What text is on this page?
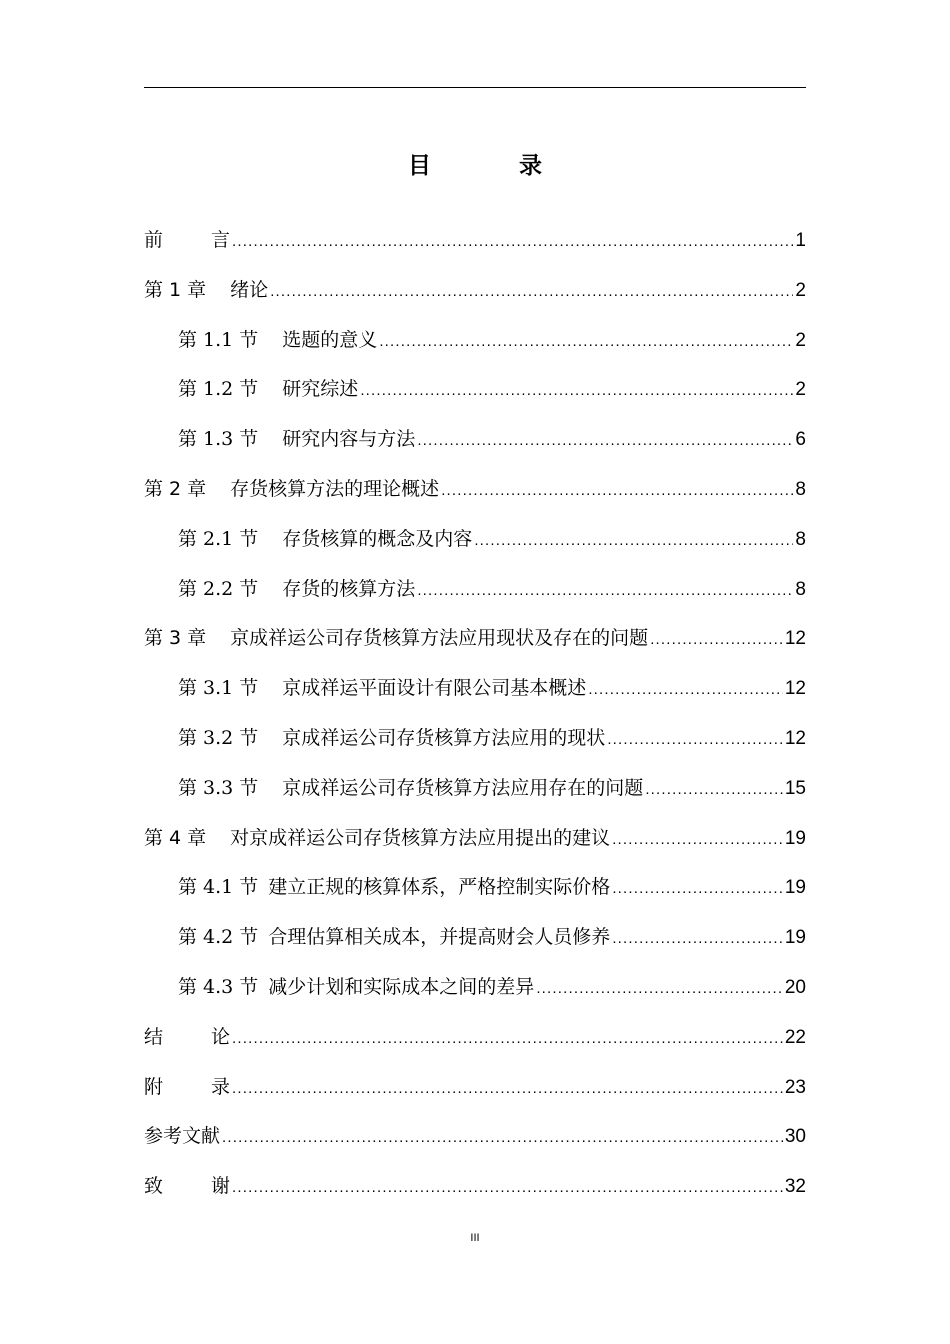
目 录
前言 .....	1
第 1 章 绪论 .....	2
第 1.1 节 选题的意义 .....	2
第 1.2 节 研究综述 .....	2
第 1.3 节 研究内容与方法 .....	6
第 2 章 存货核算方法的理论概述 .....	8
第 2.1 节 存货核算的概念及内容 .....	8
第 2.2 节 存货的核算方法 .....	8
第 3 章 京成祥运公司存货核算方法应用现状及存在的问题 .....	12
第 3.1 节 京成祥运平面设计有限公司基本概述 .....	12
第 3.2 节 京成祥运公司存货核算方法应用的现状 .....	12
第 3.3 节 京成祥运公司存货核算方法应用存在的问题 .....	15
第 4 章 对京成祥运公司存货核算方法应用提出的建议 .....	19
第 4.1 节 建立正规的核算体系，严格控制实际价格 .....	19
第 4.2 节 合理估算相关成本，并提高财会人员修养 .....	19
第 4.3 节 减少计划和实际成本之间的差异 .....	20
结论 .....	22
附录 .....	23
参考文献 .....	30
致谢 .....	32
III
